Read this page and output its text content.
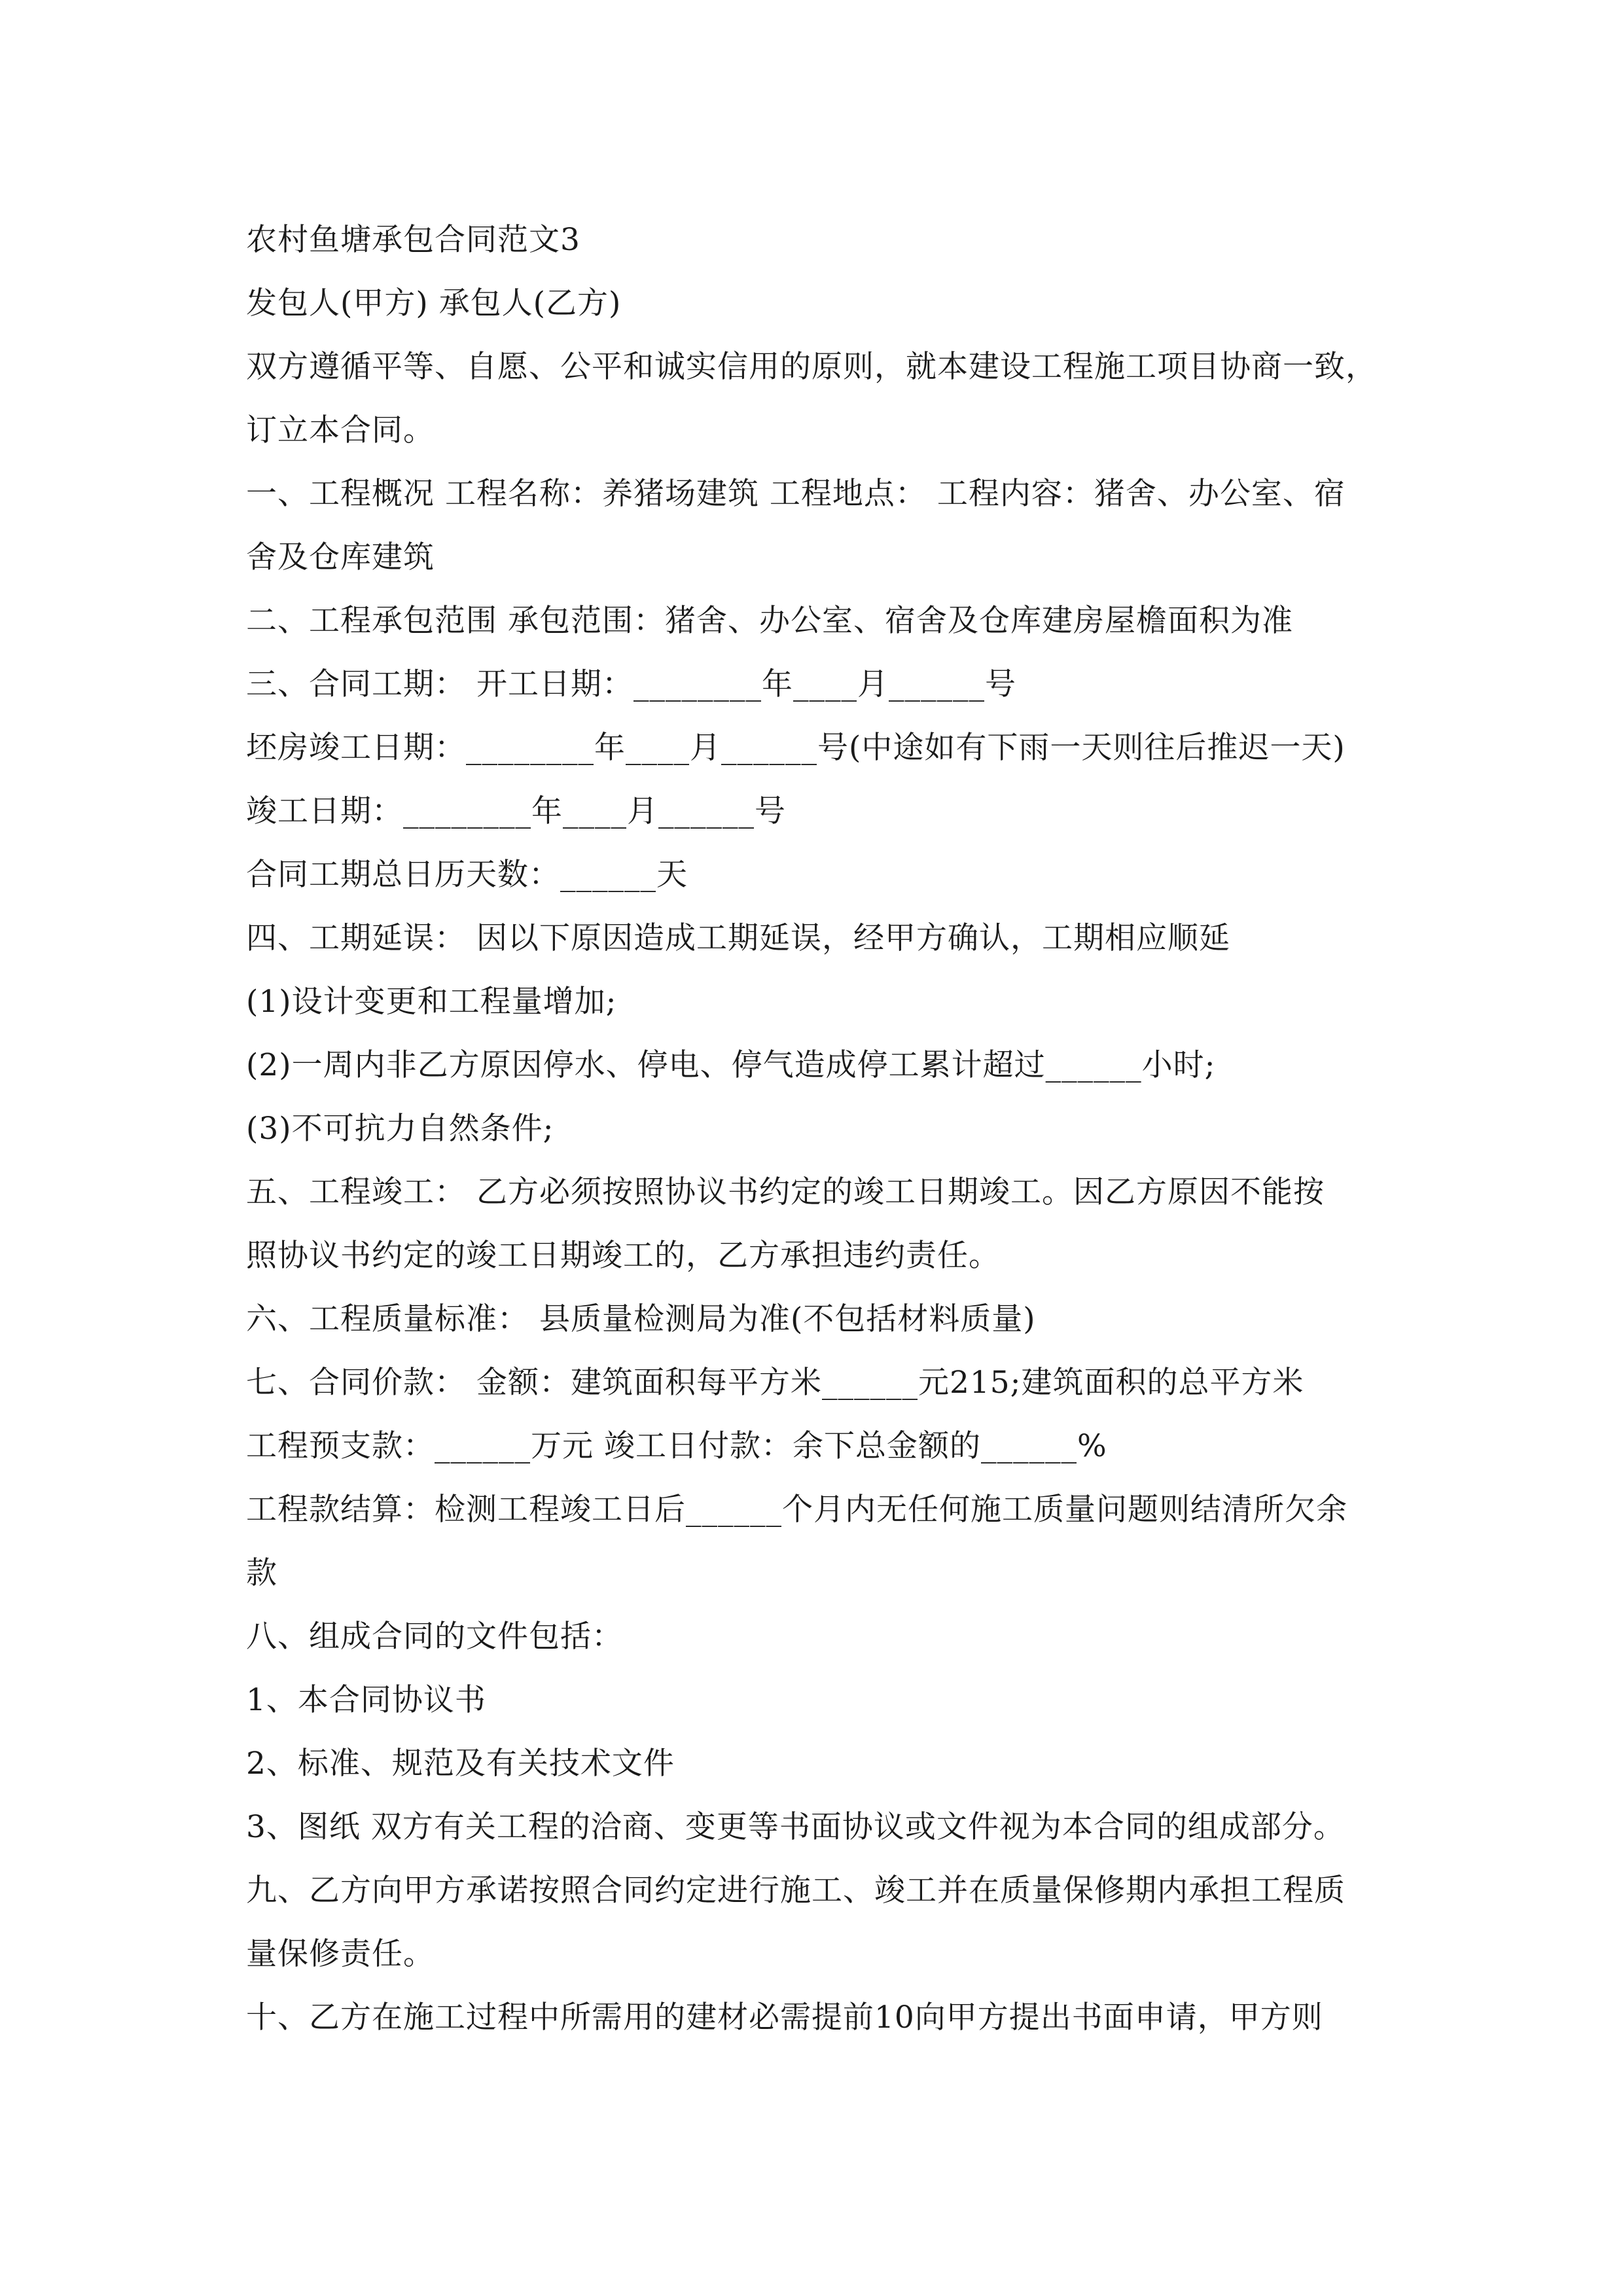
农村鱼塘承包合同范文3
发包人(甲方) 承包人(乙方)
双方遵循平等、自愿、公平和诚实信用的原则，就本建设工程施工项目协商一致，
订立本合同。
一、工程概况 工程名称：养猪场建筑 工程地点： 工程内容：猪舍、办公室、宿
舍及仓库建筑
二、工程承包范围 承包范围：猪舍、办公室、宿舍及仓库建房屋檐面积为准
三、合同工期： 开工日期：________年____月______号
坯房竣工日期：________年____月______号(中途如有下雨一天则往后推迟一天)
竣工日期：________年____月______号
合同工期总日历天数：______天
四、工期延误： 因以下原因造成工期延误，经甲方确认，工期相应顺延
(1)设计变更和工程量增加;
(2)一周内非乙方原因停水、停电、停气造成停工累计超过______小时;
(3)不可抗力自然条件;
五、工程竣工： 乙方必须按照协议书约定的竣工日期竣工。因乙方原因不能按
照协议书约定的竣工日期竣工的，乙方承担违约责任。
六、工程质量标准： 县质量检测局为准(不包括材料质量)
七、合同价款： 金额：建筑面积每平方米______元215;建筑面积的总平方米
工程预支款：______万元 竣工日付款：余下总金额的______%
工程款结算：检测工程竣工日后______个月内无任何施工质量问题则结清所欠余
款
八、组成合同的文件包括：
1、本合同协议书
2、标准、规范及有关技术文件
3、图纸 双方有关工程的洽商、变更等书面协议或文件视为本合同的组成部分。
九、乙方向甲方承诺按照合同约定进行施工、竣工并在质量保修期内承担工程质
量保修责任。
十、乙方在施工过程中所需用的建材必需提前10向甲方提出书面申请，甲方则
